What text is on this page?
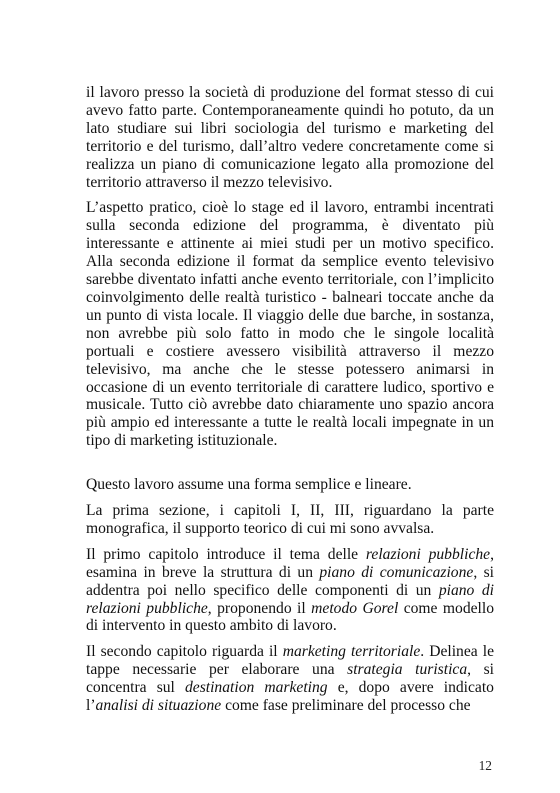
il lavoro presso la società di produzione del format stesso di cui avevo fatto parte. Contemporaneamente quindi ho potuto, da un lato studiare sui libri sociologia del turismo e marketing del territorio e del turismo, dall’altro vedere concretamente come si realizza un piano di comunicazione legato alla promozione del territorio attraverso il mezzo televisivo.

L’aspetto pratico, cioè lo stage ed il lavoro, entrambi incentrati sulla seconda edizione del programma, è diventato più interessante e attinente ai miei studi per un motivo specifico. Alla seconda edizione il format da semplice evento televisivo sarebbe diventato infatti anche evento territoriale, con l’implicito coinvolgimento delle realtà turistico - balneari toccate anche da un punto di vista locale. Il viaggio delle due barche, in sostanza, non avrebbe più solo fatto in modo che le singole località portuali e costiere avessero visibilità attraverso il mezzo televisivo, ma anche che le stesse potessero animarsi in occasione di un evento territoriale di carattere ludico, sportivo e musicale. Tutto ciò avrebbe dato chiaramente uno spazio ancora più ampio ed interessante a tutte le realtà locali impegnate in un tipo di marketing istituzionale.

Questo lavoro assume una forma semplice e lineare.

La prima sezione, i capitoli I, II, III, riguardano la parte monografica, il supporto teorico di cui mi sono avvalsa.

Il primo capitolo introduce il tema delle relazioni pubbliche, esamina in breve la struttura di un piano di comunicazione, si addentra poi nello specifico delle componenti di un piano di relazioni pubbliche, proponendo il metodo Gorel come modello di intervento in questo ambito di lavoro.

Il secondo capitolo riguarda il marketing territoriale. Delinea le tappe necessarie per elaborare una strategia turistica, si concentra sul destination marketing e, dopo avere indicato l’analisi di situazione come fase preliminare del processo che

12
